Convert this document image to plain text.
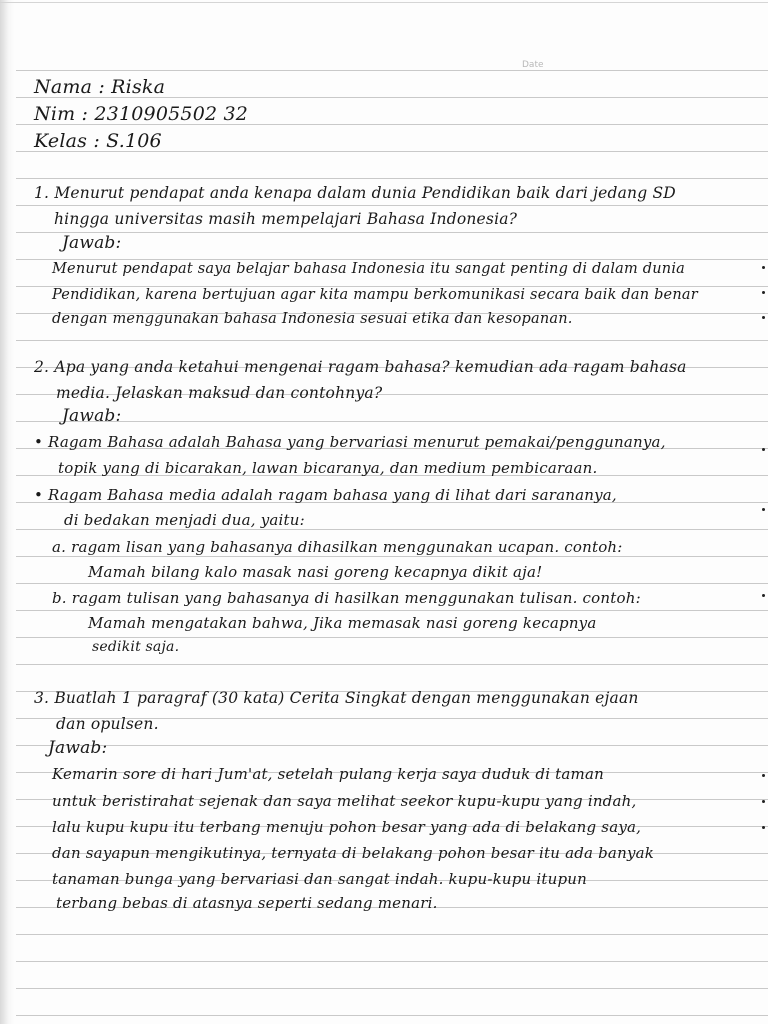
Date
Nama : Riska
Nim : 2310905502 32
Kelas : S.106
1. Menurut pendapat anda kenapa dalam dunia Pendidikan baik dari jedang SD
hingga universitas masih mempelajari Bahasa Indonesia?
Jawab:
Menurut pendapat saya belajar bahasa Indonesia itu sangat penting di dalam dunia
Pendidikan, karena bertujuan agar kita mampu berkomunikasi secara baik dan benar
dengan menggunakan bahasa Indonesia sesuai etika dan kesopanan.
2. Apa yang anda ketahui mengenai ragam bahasa? kemudian ada ragam bahasa
media. Jelaskan maksud dan contohnya?
Jawab:
• Ragam Bahasa adalah Bahasa yang bervariasi menurut pemakai/penggunanya,
topik yang di bicarakan, lawan bicaranya, dan medium pembicaraan.
• Ragam Bahasa media adalah ragam bahasa yang di lihat dari sarananya,
di bedakan menjadi dua, yaitu:
a. ragam lisan yang bahasanya dihasilkan menggunakan ucapan. contoh:
Mamah bilang kalo masak nasi goreng kecapnya dikit aja!
b. ragam tulisan yang bahasanya di hasilkan menggunakan tulisan. contoh:
Mamah mengatakan bahwa, Jika memasak nasi goreng kecapnya
sedikit saja.
3. Buatlah 1 paragraf (30 kata) Cerita Singkat dengan menggunakan ejaan
dan opulsen.
Jawab:
Kemarin sore di hari Jum'at, setelah pulang kerja saya duduk di taman
untuk beristirahat sejenak dan saya melihat seekor kupu-kupu yang indah,
lalu kupu kupu itu terbang menuju pohon besar yang ada di belakang saya,
dan sayapun mengikutinya, ternyata di belakang pohon besar itu ada banyak
tanaman bunga yang bervariasi dan sangat indah. kupu-kupu itupun
terbang bebas di atasnya seperti sedang menari.
